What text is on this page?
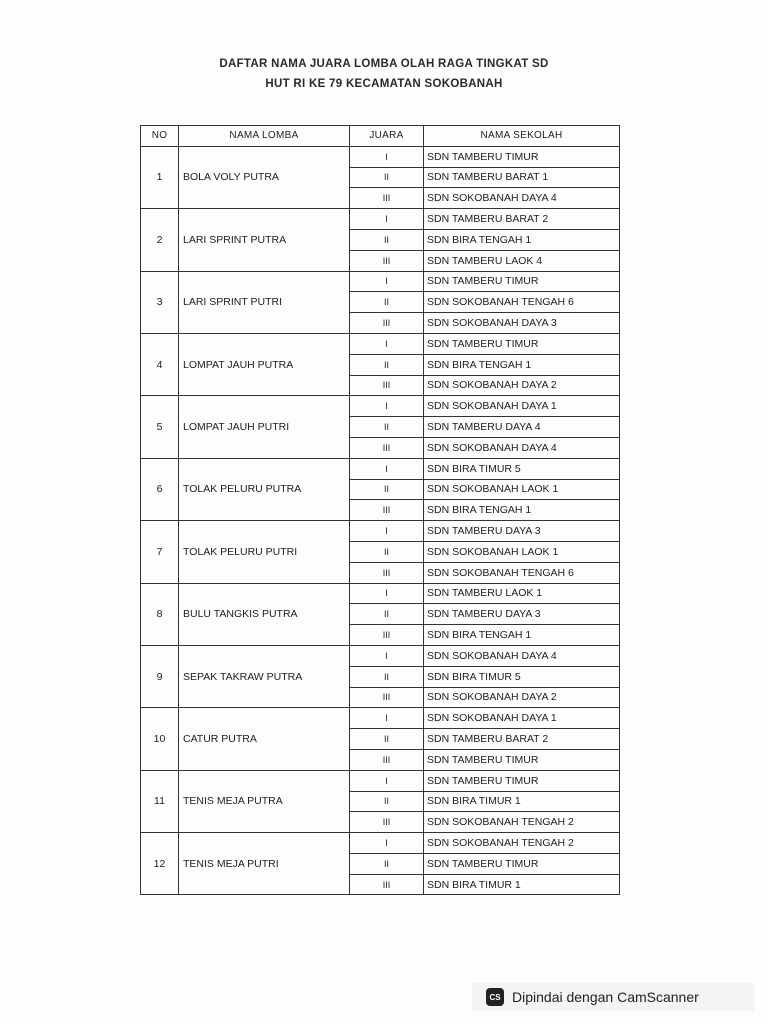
DAFTAR NAMA JUARA LOMBA OLAH RAGA TINGKAT SD
HUT RI KE 79 KECAMATAN SOKOBANAH
NO	NAMA LOMBA	JUARA	NAMA SEKOLAH
1	BOLA VOLY PUTRA	I	SDN TAMBERU TIMUR
		II	SDN TAMBERU BARAT 1
		III	SDN SOKOBANAH DAYA 4
2	LARI SPRINT PUTRA	I	SDN TAMBERU BARAT 2
		II	SDN BIRA TENGAH 1
		III	SDN TAMBERU LAOK 4
3	LARI SPRINT PUTRI	I	SDN TAMBERU TIMUR
		II	SDN SOKOBANAH TENGAH 6
		III	SDN SOKOBANAH DAYA 3
4	LOMPAT JAUH PUTRA	I	SDN TAMBERU TIMUR
		II	SDN BIRA TENGAH 1
		III	SDN SOKOBANAH DAYA 2
5	LOMPAT JAUH PUTRI	I	SDN SOKOBANAH DAYA 1
		II	SDN TAMBERU DAYA 4
		III	SDN SOKOBANAH DAYA 4
6	TOLAK PELURU PUTRA	I	SDN BIRA TIMUR 5
		II	SDN SOKOBANAH LAOK 1
		III	SDN BIRA TENGAH 1
7	TOLAK PELURU PUTRI	I	SDN TAMBERU DAYA 3
		II	SDN SOKOBANAH LAOK 1
		III	SDN SOKOBANAH TENGAH 6
8	BULU TANGKIS PUTRA	I	SDN TAMBERU LAOK 1
		II	SDN TAMBERU DAYA 3
		III	SDN BIRA TENGAH 1
9	SEPAK TAKRAW PUTRA	I	SDN SOKOBANAH DAYA 4
		II	SDN BIRA TIMUR 5
		III	SDN SOKOBANAH DAYA 2
10	CATUR PUTRA	I	SDN SOKOBANAH DAYA 1
		II	SDN TAMBERU BARAT 2
		III	SDN TAMBERU TIMUR
11	TENIS MEJA PUTRA	I	SDN TAMBERU TIMUR
		II	SDN BIRA TIMUR 1
		III	SDN SOKOBANAH TENGAH 2
12	TENIS MEJA PUTRI	I	SDN SOKOBANAH TENGAH 2
		II	SDN TAMBERU TIMUR
		III	SDN BIRA TIMUR 1
CS Dipindai dengan CamScanner
